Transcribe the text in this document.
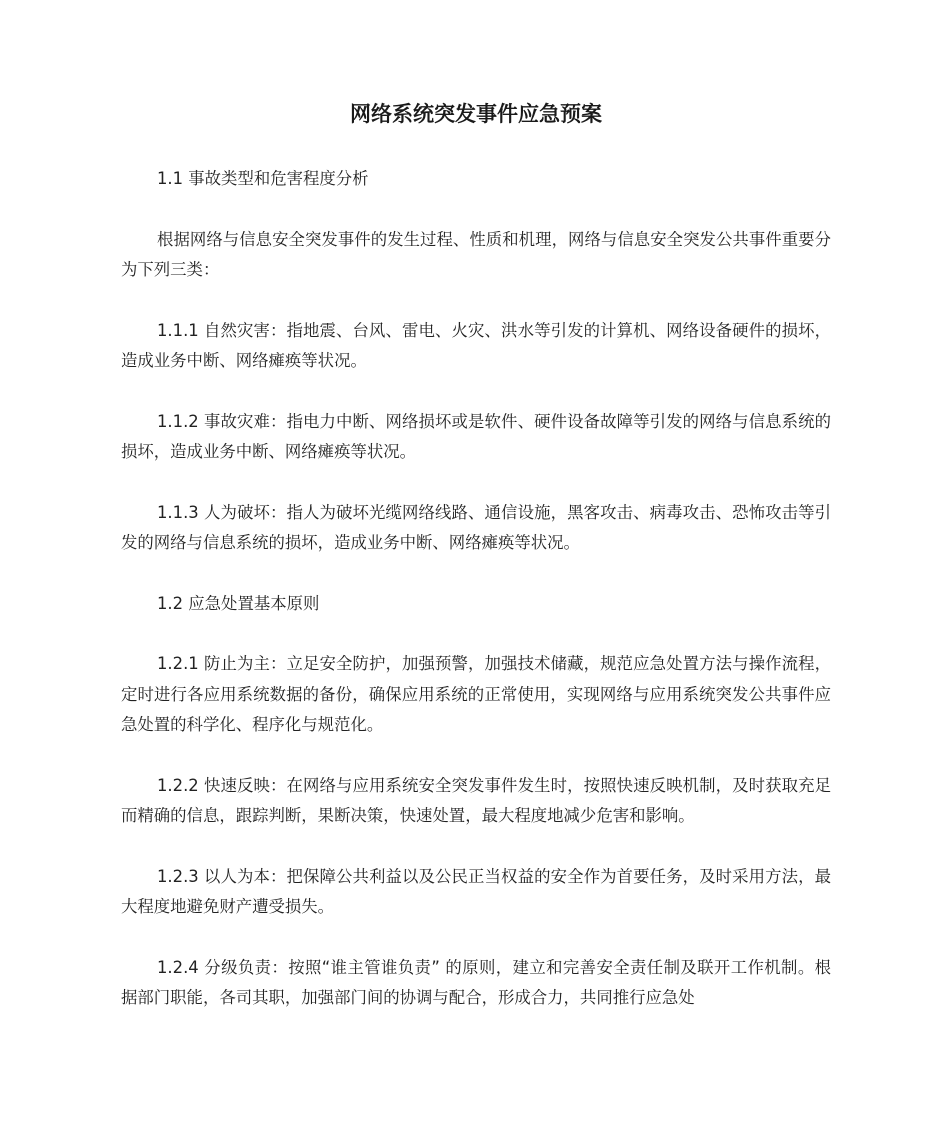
网络系统突发事件应急预案

1.1 事故类型和危害程度分析

根据网络与信息安全突发事件的发生过程、性质和机理，网络与信息安全突发公共事件重要分为下列三类：

1.1.1 自然灾害：指地震、台风、雷电、火灾、洪水等引发的计算机、网络设备硬件的损坏，造成业务中断、网络瘫痪等状况。

1.1.2 事故灾难：指电力中断、网络损坏或是软件、硬件设备故障等引发的网络与信息系统的损坏，造成业务中断、网络瘫痪等状况。

1.1.3 人为破坏：指人为破坏光缆网络线路、通信设施，黑客攻击、病毒攻击、恐怖攻击等引发的网络与信息系统的损坏，造成业务中断、网络瘫痪等状况。

1.2 应急处置基本原则

1.2.1 防止为主：立足安全防护，加强预警，加强技术储藏，规范应急处置方法与操作流程，定时进行各应用系统数据的备份，确保应用系统的正常使用，实现网络与应用系统突发公共事件应急处置的科学化、程序化与规范化。

1.2.2 快速反映：在网络与应用系统安全突发事件发生时，按照快速反映机制，及时获取充足而精确的信息，跟踪判断，果断决策，快速处置，最大程度地减少危害和影响。

1.2.3 以人为本：把保障公共利益以及公民正当权益的安全作为首要任务，及时采用方法，最大程度地避免财产遭受损失。

1.2.4 分级负责：按照“谁主管谁负责” 的原则，建立和完善安全责任制及联开工作机制。根据部门职能，各司其职，加强部门间的协调与配合，形成合力，共同推行应急处
